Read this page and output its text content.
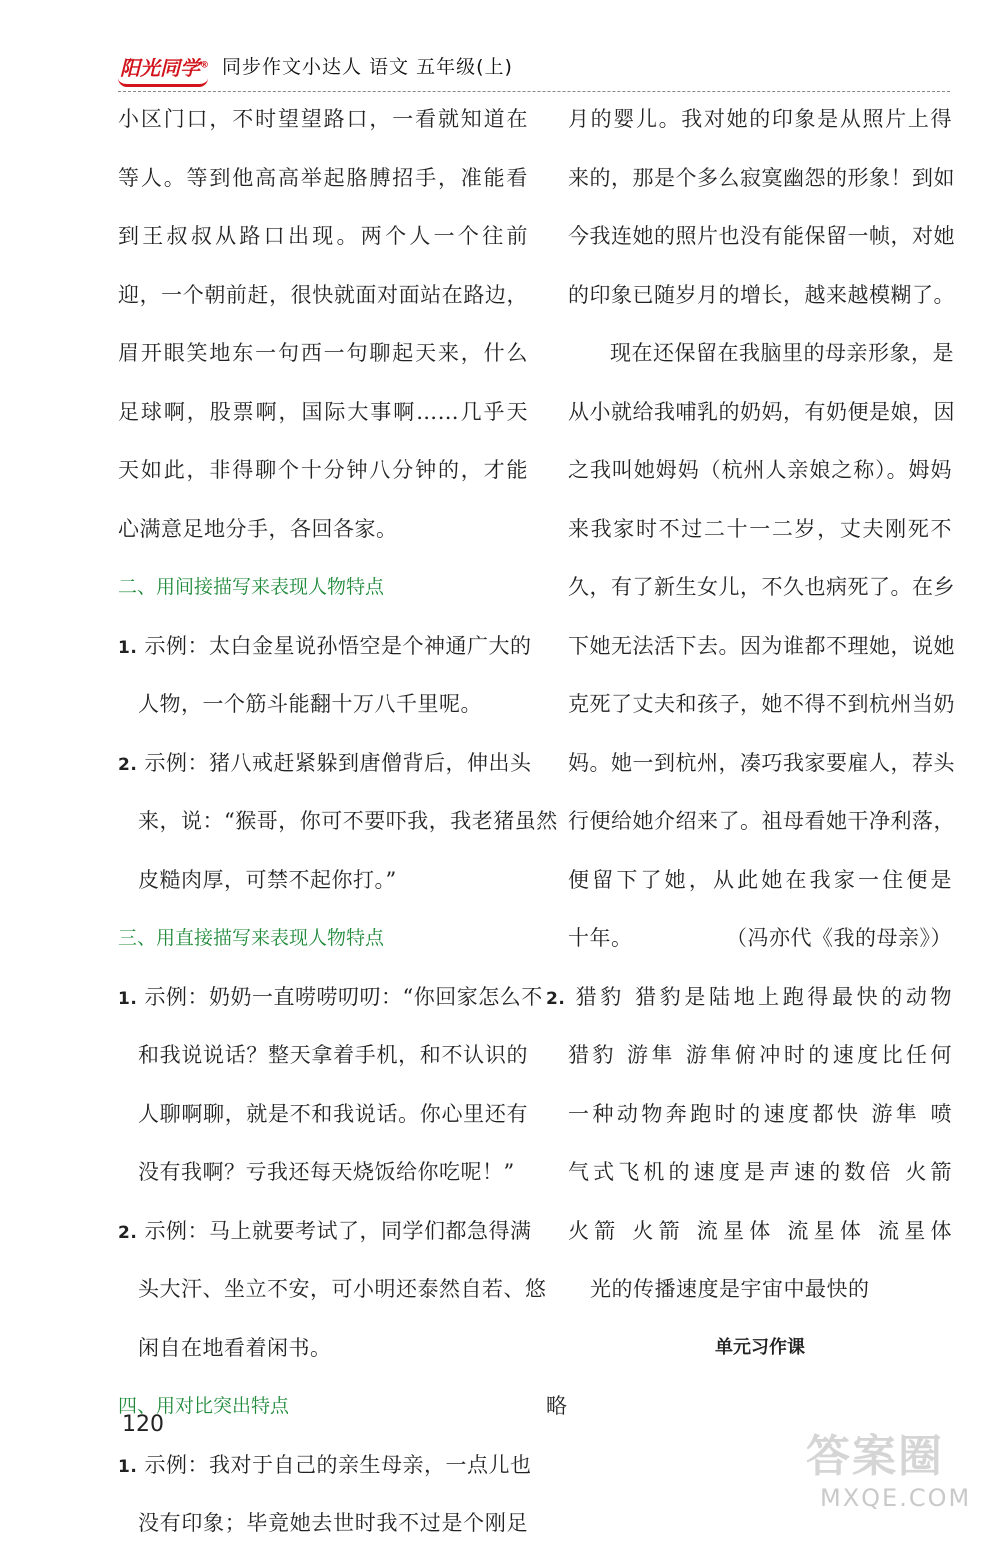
阳光同学® 同步作文小达人 语文 五年级(上)
小区门口，不时望望路口，一看就知道在
等人。等到他高高举起胳膊招手，准能看
到王叔叔从路口出现。两个人一个往前
迎，一个朝前赶，很快就面对面站在路边，
眉开眼笑地东一句西一句聊起天来，什么
足球啊，股票啊，国际大事啊……几乎天
天如此，非得聊个十分钟八分钟的，才能
心满意足地分手，各回各家。
二、用间接描写来表现人物特点
1. 示例：太白金星说孙悟空是个神通广大的
人物，一个筋斗能翻十万八千里呢。
2. 示例：猪八戒赶紧躲到唐僧背后，伸出头
来，说：“猴哥，你可不要吓我，我老猪虽然
皮糙肉厚，可禁不起你打。”
三、用直接描写来表现人物特点
1. 示例：奶奶一直唠唠叨叨：“你回家怎么不
和我说说话？整天拿着手机，和不认识的
人聊啊聊，就是不和我说话。你心里还有
没有我啊？亏我还每天烧饭给你吃呢！”
2. 示例：马上就要考试了，同学们都急得满
头大汗、坐立不安，可小明还泰然自若、悠
闲自在地看着闲书。
四、用对比突出特点
1. 示例：我对于自己的亲生母亲，一点儿也
没有印象；毕竟她去世时我不过是个刚足
月的婴儿。我对她的印象是从照片上得
来的，那是个多么寂寞幽怨的形象！到如
今我连她的照片也没有能保留一帧，对她
的印象已随岁月的增长，越来越模糊了。
现在还保留在我脑里的母亲形象，是
从小就给我哺乳的奶妈，有奶便是娘，因
之我叫她姆妈（杭州人亲娘之称）。姆妈
来我家时不过二十一二岁，丈夫刚死不
久，有了新生女儿，不久也病死了。在乡
下她无法活下去。因为谁都不理她，说她
克死了丈夫和孩子，她不得不到杭州当奶
妈。她一到杭州，凑巧我家要雇人，荐头
行便给她介绍来了。祖母看她干净利落，
便留下了她，从此她在我家一住便是
十年。	（冯亦代《我的母亲》）
2. 猎豹 猎豹是陆地上跑得最快的动物
猎豹 游隼 游隼俯冲时的速度比任何
一种动物奔跑时的速度都快 游隼 喷
气式飞机的速度是声速的数倍 火箭
火箭 火箭 流星体 流星体 流星体
光的传播速度是宇宙中最快的
单元习作课
略
120
答案圈
MXQE.COM
